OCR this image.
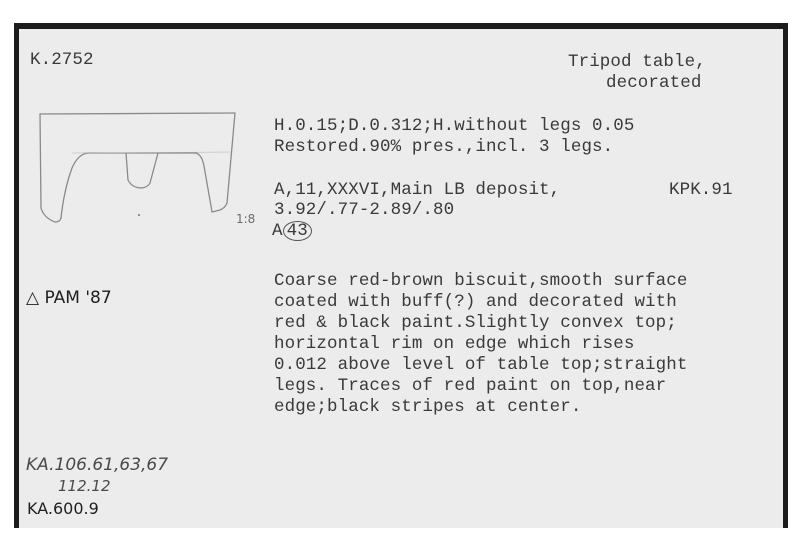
K.2752	Tripod table,
decorated
H.0.15;D.0.312;H.without legs 0.05
Restored.90% pres.,incl. 3 legs.
A,11,XXXVI,Main LB deposit,	KPK.91
3.92/.77-2.89/.80
A 43
1:8
△ PAM '87
Coarse red-brown biscuit,smooth surface
coated with buff(?) and decorated with
red & black paint.Slightly convex top;
horizontal rim on edge which rises
0.012 above level of table top;straight
legs. Traces of red paint on top,near
edge;black stripes at center.
KA.106.61,63,67
112.12
KA.600.9
